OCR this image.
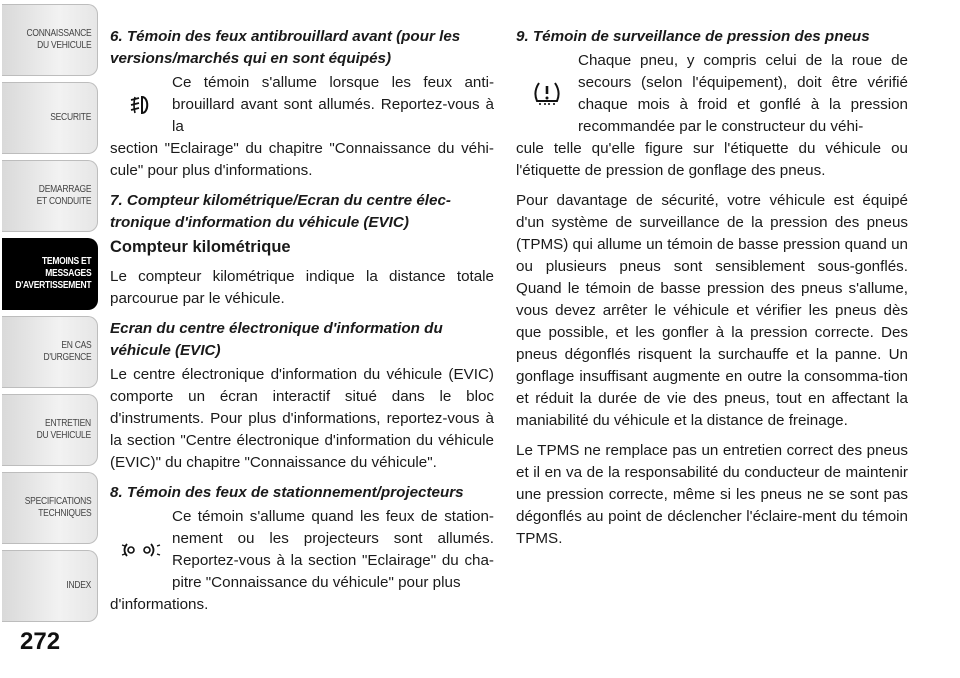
CONNAISSANCE
DU VEHICULE
SECURITE
DEMARRAGE
ET CONDUITE
TEMOINS ET
MESSAGES
D'AVERTISSEMENT
EN CAS
D'URGENCE
ENTRETIEN
DU VEHICULE
SPECIFICATIONS
TECHNIQUES
INDEX
272

6. Témoin des feux antibrouillard avant (pour les versions/marchés qui en sont équipés)

Ce témoin s'allume lorsque les feux anti-brouillard avant sont allumés. Reportez-vous à la

section "Eclairage" du chapitre "Connaissance du véhi-cule" pour plus d'informations.

7. Compteur kilométrique/Ecran du centre élec-tronique d'information du véhicule (EVIC)

Compteur kilométrique

Le compteur kilométrique indique la distance totale parcourue par le véhicule.

Ecran du centre électronique d'information du véhicule (EVIC)

Le centre électronique d'information du véhicule (EVIC) comporte un écran interactif situé dans le bloc d'instruments. Pour plus d'informations, reportez-vous à la section "Centre électronique d'information du véhicule (EVIC)" du chapitre "Connaissance du véhicule".

8. Témoin des feux de stationnement/projecteurs

Ce témoin s'allume quand les feux de station-nement ou les projecteurs sont allumés. Reportez-vous à la section "Eclairage" du cha-pitre "Connaissance du véhicule" pour plus

d'informations.

9. Témoin de surveillance de pression des pneus

Chaque pneu, y compris celui de la roue de secours (selon l'équipement), doit être vérifié chaque mois à froid et gonflé à la pression recommandée par le constructeur du véhi-

cule telle qu'elle figure sur l'étiquette du véhicule ou l'étiquette de pression de gonflage des pneus.

Pour davantage de sécurité, votre véhicule est équipé d'un système de surveillance de la pression des pneus (TPMS) qui allume un témoin de basse pression quand un ou plusieurs pneus sont sensiblement sous-gonflés. Quand le témoin de basse pression des pneus s'allume, vous devez arrêter le véhicule et vérifier les pneus dès que possible, et les gonfler à la pression correcte. Des pneus dégonflés risquent la surchauffe et la panne. Un gonflage insuffisant augmente en outre la consomma-tion et réduit la durée de vie des pneus, tout en affectant la maniabilité du véhicule et la distance de freinage.

Le TPMS ne remplace pas un entretien correct des pneus et il en va de la responsabilité du conducteur de maintenir une pression correcte, même si les pneus ne se sont pas dégonflés au point de déclencher l'éclaire-ment du témoin TPMS.
